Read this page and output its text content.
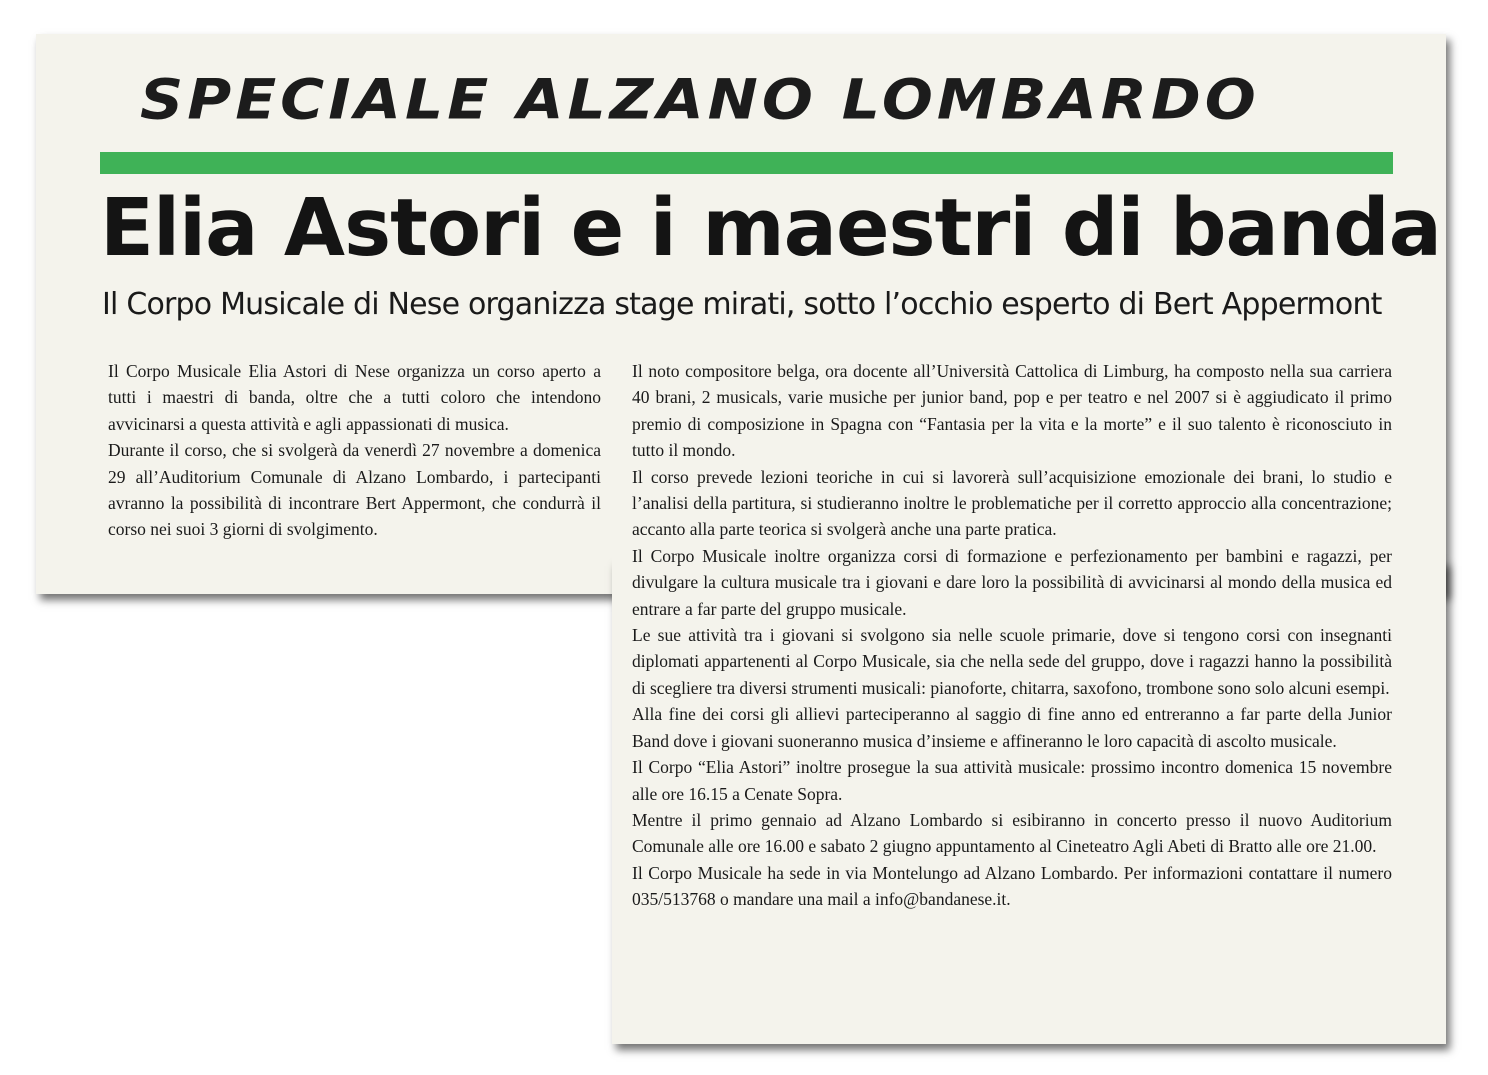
SPECIALE ALZANO LOMBARDO
Elia Astori e i maestri di banda
Il Corpo Musicale di Nese organizza stage mirati, sotto l’occhio esperto di Bert Appermont

Il Corpo Musicale Elia Astori di Nese organizza un corso aperto a tutti i maestri di banda, oltre che a tutti coloro che intendono avvicinarsi a questa attività e agli appassionati di musica.

Durante il corso, che si svolgerà da venerdì 27 novembre a domenica 29 all’Auditorium Comunale di Alzano Lombardo, i partecipanti avranno la possibilità di incontrare Bert Appermont, che condurrà il corso nei suoi 3 giorni di svolgimento.

Il noto compositore belga, ora docente all’Università Cattolica di Limburg, ha composto nella sua carriera 40 brani, 2 musicals, varie musiche per junior band, pop e per teatro e nel 2007 si è aggiudicato il primo premio di composizione in Spagna con “Fantasia per la vita e la morte” e il suo talento è riconosciuto in tutto il mondo.

Il corso prevede lezioni teoriche in cui si lavorerà sull’acquisizione emozionale dei brani, lo studio e l’analisi della partitura, si studieranno inoltre le problematiche per il corretto approccio alla concentrazione; accanto alla parte teorica si svolgerà anche una parte pratica.

Il Corpo Musicale inoltre organizza corsi di formazione e perfezionamento per bambini e ragazzi, per divulgare la cultura musicale tra i giovani e dare loro la possibilità di avvicinarsi al mondo della musica ed entrare a far parte del gruppo musicale.

Le sue attività tra i giovani si svolgono sia nelle scuole primarie, dove si tengono corsi con insegnanti diplomati appartenenti al Corpo Musicale, sia che nella sede del gruppo, dove i ragazzi hanno la possibilità di scegliere tra diversi strumenti musicali: pianoforte, chitarra, saxofono, trombone sono solo alcuni esempi.

Alla fine dei corsi gli allievi parteciperanno al saggio di fine anno ed entreranno a far parte della Junior Band dove i giovani suoneranno musica d’insieme e affineranno le loro capacità di ascolto musicale.

Il Corpo “Elia Astori” inoltre prosegue la sua attività musicale: prossimo incontro domenica 15 novembre alle ore 16.15 a Cenate Sopra.

Mentre il primo gennaio ad Alzano Lombardo si esibiranno in concerto presso il nuovo Auditorium Comunale alle ore 16.00 e sabato 2 giugno appuntamento al Cineteatro Agli Abeti di Bratto alle ore 21.00.

Il Corpo Musicale ha sede in via Montelungo ad Alzano Lombardo. Per informazioni contattare il numero 035/513768 o mandare una mail a info@bandanese.it.
